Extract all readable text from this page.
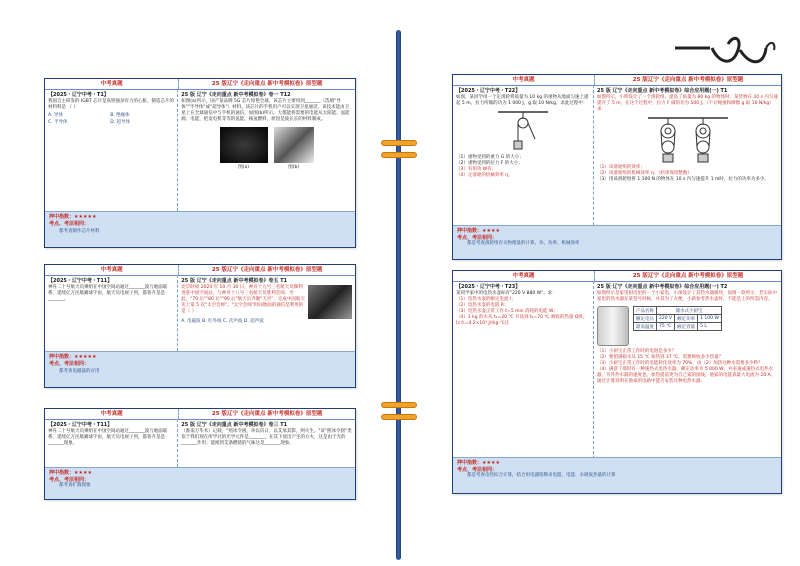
中考真题	25 版辽宁《走向重点 新中考模拟卷》原型题
【2025・辽宁中考・T1】
我国自主研发的 IGBT 芯片是高铁强劲有力的心脏，制造芯片的材料料是 （ ）
A. 导体	B. 绝缘体 C. 半导体	D. 超导体
25 版 辽宁《走向重点 新中考模拟卷》卷一 T12
如图(a)所示，国产某品牌 5G 芯片惊艳全球，该芯片主要用到_______（选填"导体""半导体"或"超导体"）材料。该芯片的手机用户可以实现卫星通话，该技术能由卫星上在全球通信中与手机的通信，如图(b)所示，大都能将需要的电能从太阳能、氢能源、电能，把发电机等等的氢能、核氢燃料，原因是波长长的材料制成。
图(a)	图(b)
押中指数：★★★★★
考点、考法相同：
都考查制作芯片材料
中考真题	25 版辽宁《走向重点 新中考模拟卷》原型题
【2025・辽宁中考・T11】
神舟二十号航天员乘组在中国空间站通过_______波与地面联系，延续亿万民航踢球宇宙，航天员电视子到，都客升是是_______。
25 版 辽宁《走向重点 新中考模拟卷》卷五 T1
北京时间 2024 年 10 月 30 日，神舟十九号三名航天员顺利进驻中国空间站，与神舟十八号三名航天员胜利会师，至此，"70 后""80 后""90 后"航天员齐聚"天宫"，完成中国航天史上第 5 次"太空会师"。"太空会师"时间地面的通信是利用的是（ ）
A. 电磁波 B. 红外线 C. 次声波 D. 超声波
押中指数：★★★★★
考点、考法相同：
都考查电磁波的应用
中考真题	25 版辽宁《走向重点 新中考模拟卷》原型题
【2025・辽宁中考・T11】
神舟二十号航天员乘组在中国空间站通过_______波与地面联系，延续亿万民航踢球宇宙，航天员电视子到，都客升是是_______现象。
25 版 辽宁《走向重点 新中考模拟卷》卷三 T1
（淮南万毕术）记载，"照冰令圆，举以向日，以艾承其影，则火生。"该"照冰令圆"类似于我们现在所学过的光学元件是_______，在其下放出产生的方火，这是由于光的_______作用；能闻到艾条燃烧的气味这是_______现象。
押中指数：★★★★
考点、考法相同：
都考查扩散现象
中考真题	25 版辽宁《走向重点 新中考模拟卷》原型题
【2025・辽宁中考・T22】
如图，某同学用一个定滑轮将质量为 10 kg 的重物从地面匀速上提起 5 m，拉力所做的功为 1 000 J，g 取 10 N/kg。求此过程中：
（1）重物受到的重力 G 的大小；
（2）重物受到的拉力 F 的大小；
（3）有用功 W有；
（4）定滑轮的机械效率 η。
25 版 辽宁《走向重点 新中考模拟卷》综合应用题(一) T1
如图所示，小明设计了一个滑轮组，提高了质量为 80 kg 的物体时，某货物在 10 s 内匀速提升了 5 m，在这个过程中，拉力 F 做的功为 500 J。（不计绳重和摩擦 g 取 10 N/kg）求：
（1）该滑轮组的效率；
（2）该滑轮组的机械效率 η；（结果保留整数）
（3）用该滑轮组将 1 100 N 的物体在 10 s 内匀速提升 1 m时，拉力的功率为多少。
押中指数：★★★★
考点、考法相同：
都是考查滑轮组有关物理量的计算、功、功率、机械效率
中考真题	25 版辽宁《走向重点 新中考模拟卷》原型题
【2025・辽宁中考・T23】
某同学家中的电热水壶标有"220 V 880 W"。求：
（1）电热水壶的额定电流 I；
（2）电热水壶的电阻 R；
（3）电热水壶正常工作 t=5 min 消耗的电能 W；
（4）1 kg 的水从 t₁=20 ℃ 升高到 t₂=70 ℃ 吸收的热量 Q吸。[c水=4.2×10³ J/(kg·℃)]
25 版 辽宁《走向重点 新中考模拟卷》综合应用题(一) T2
如图所示是家里厨房里的一个小家电，小闲设计了其热水器模块，如图一款所示，若实际中家里的热水器在某型号时候，并其为了方便，小新参考热水壶时，不能是上的所需内容。
产品名称	储水式小厨宝		
额定电压	220 V	额定功率	1 100 W
最高温度	75 ℃	额定容量	5 L
（1）小厨宝正常工作时的电阻是多少？
（2）要把满箱水从 15 ℃ 加热到 37 ℃，需要吸收多少热量？
（3）小厨宝正常工作时的电能转化效率为 70%，由（2）加热这种水需要多少秒？
（4）满意丁那时有一种速热式电热水器，额定功率为 5 000 W，并来速成速热式电热水器，另外热水器的速度也，加热提前更为自己家的接线，他家的电能表最大电流为 20 A，通过计算说明在他家的电路中能否安装这种电热水器。
押中指数：★★★★
考点、考法相同：
都是考查电热综合计算，结合用电器铭牌求电阻、电能、水吸收热量的计算
